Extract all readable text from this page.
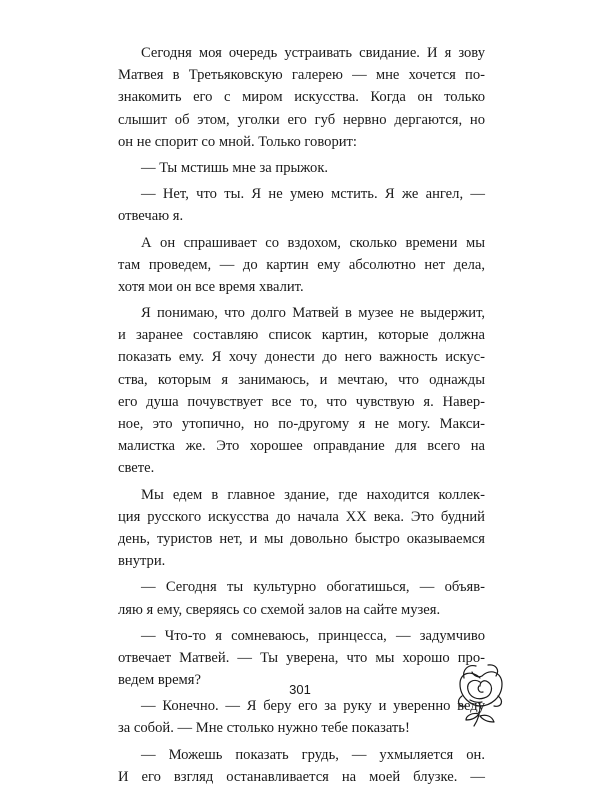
Сегодня моя очередь устраивать свидание. И я зову
Матвея в Третьяковскую галерею — мне хочется по-
знакомить его с миром искусства. Когда он только
слышит об этом, уголки его губ нервно дергаются, но
он не спорит со мной. Только говорит:
— Ты мстишь мне за прыжок.
— Нет, что ты. Я не умею мстить. Я же ангел, —
отвечаю я.
А он спрашивает со вздохом, сколько времени мы
там проведем, — до картин ему абсолютно нет дела,
хотя мои он все время хвалит.
Я понимаю, что долго Матвей в музее не выдержит,
и заранее составляю список картин, которые должна
показать ему. Я хочу донести до него важность искус-
ства, которым я занимаюсь, и мечтаю, что однажды
его душа почувствует все то, что чувствую я. Навер-
ное, это утопично, но по-другому я не могу. Макси-
малистка же. Это хорошее оправдание для всего на
свете.
Мы едем в главное здание, где находится коллек-
ция русского искусства до начала XX века. Это будний
день, туристов нет, и мы довольно быстро оказываемся
внутри.
— Сегодня ты культурно обогатишься, — объяв-
ляю я ему, сверяясь со схемой залов на сайте музея.
— Что-то я сомневаюсь, принцесса, — задумчиво
отвечает Матвей. — Ты уверена, что мы хорошо про-
ведем время?
— Конечно. — Я беру его за руку и уверенно веду
за собой. — Мне столько нужно тебе показать!
— Можешь показать грудь, — ухмыляется он.
И его взгляд останавливается на моей блузке. —
301
